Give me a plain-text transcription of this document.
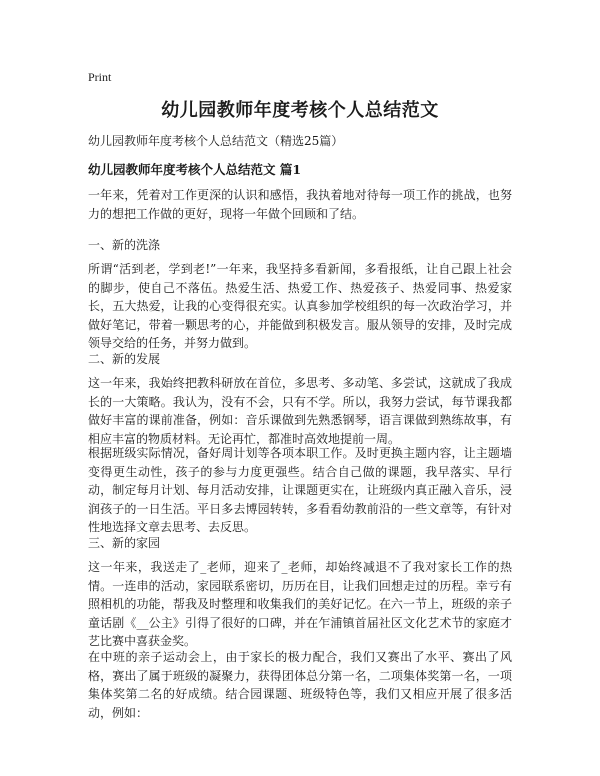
Print

幼儿园教师年度考核个人总结范文

幼儿园教师年度考核个人总结范文（精选25篇）

幼儿园教师年度考核个人总结范文 篇1

一年来，凭着对工作更深的认识和感悟，我执着地对待每一项工作的挑战，也努力的想把工作做的更好，现将一年做个回顾和了结。

一、新的洗涤

所谓“活到老，学到老!”一年来，我坚持多看新闻，多看报纸，让自己跟上社会的脚步，使自己不落伍。热爱生活、热爱工作、热爱孩子、热爱同事、热爱家长，五大热爱，让我的心变得很充实。认真参加学校组织的每一次政治学习，并做好笔记，带着一颗思考的心，并能做到积极发言。服从领导的安排，及时完成领导交给的任务，并努力做到。

二、新的发展

这一年来，我始终把教科研放在首位，多思考、多动笔、多尝试，这就成了我成长的一大策略。我认为，没有不会，只有不学。所以，我努力尝试，每节课我都做好丰富的课前准备，例如：音乐课做到先熟悉钢琴，语言课做到熟练故事，有相应丰富的物质材料。无论再忙，都准时高效地提前一周。

根据班级实际情况，备好周计划等各项本职工作。及时更换主题内容，让主题墙变得更生动性，孩子的参与力度更强些。结合自己做的课题，我早落实、早行动，制定每月计划、每月活动安排，让课题更实在，让班级内真正融入音乐，浸润孩子的一日生活。平日多去博园转转，多看看幼教前沿的一些文章等，有针对性地选择文章去思考、去反思。

三、新的家园

这一年来，我送走了_老师，迎来了_老师，却始终减退不了我对家长工作的热情。一连串的活动，家园联系密切，历历在目，让我们回想走过的历程。幸亏有照相机的功能，帮我及时整理和收集我们的美好记忆。在六一节上，班级的亲子童话剧《__公主》引得了很好的口碑，并在乍浦镇首届社区文化艺术节的家庭才艺比赛中喜获金奖。

在中班的亲子运动会上，由于家长的极力配合，我们又赛出了水平、赛出了风格，赛出了属于班级的凝聚力，获得团体总分第一名，二项集体奖第一名，一项集体奖第二名的好成绩。结合园课题、班级特色等，我们又相应开展了很多活动，例如：
